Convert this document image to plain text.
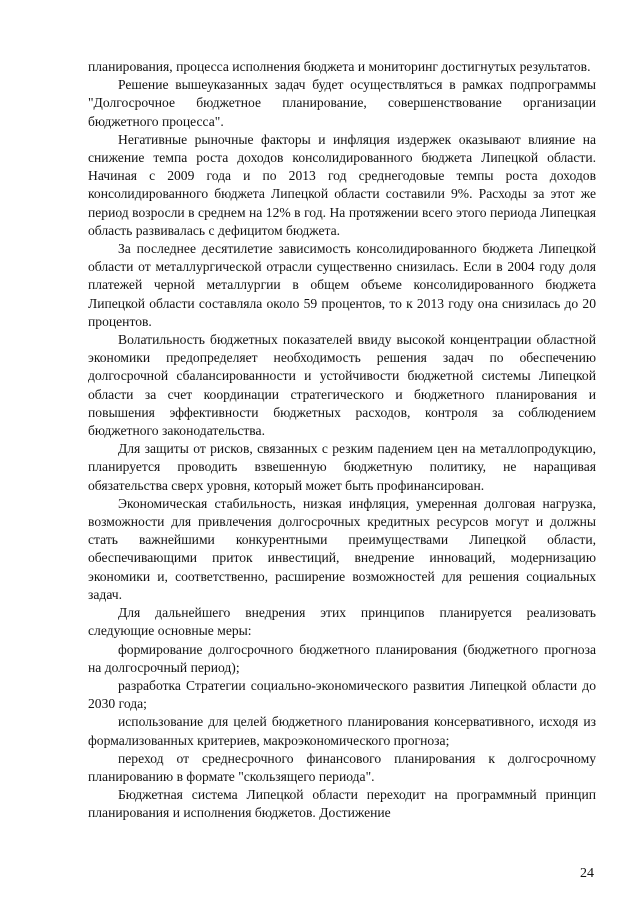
планирования, процесса исполнения бюджета и мониторинг достигнутых результатов.

Решение вышеуказанных задач будет осуществляться в рамках подпрограммы "Долгосрочное бюджетное планирование, совершенствование организации бюджетного процесса".

Негативные рыночные факторы и инфляция издержек оказывают влияние на снижение темпа роста доходов консолидированного бюджета Липецкой области. Начиная с 2009 года и по 2013 год среднегодовые темпы роста доходов консолидированного бюджета Липецкой области составили 9%. Расходы за этот же период возросли в среднем на 12% в год. На протяжении всего этого периода Липецкая область развивалась с дефицитом бюджета.

За последнее десятилетие зависимость консолидированного бюджета Липецкой области от металлургической отрасли существенно снизилась. Если в 2004 году доля платежей черной металлургии в общем объеме консолидированного бюджета Липецкой области составляла около 59 процентов, то к 2013 году она снизилась до 20 процентов.

Волатильность бюджетных показателей ввиду высокой концентрации областной экономики предопределяет необходимость решения задач по обеспечению долгосрочной сбалансированности и устойчивости бюджетной системы Липецкой области за счет координации стратегического и бюджетного планирования и повышения эффективности бюджетных расходов, контроля за соблюдением бюджетного законодательства.

Для защиты от рисков, связанных с резким падением цен на металлопродукцию, планируется проводить взвешенную бюджетную политику, не наращивая обязательства сверх уровня, который может быть профинансирован.

Экономическая стабильность, низкая инфляция, умеренная долговая нагрузка, возможности для привлечения долгосрочных кредитных ресурсов могут и должны стать важнейшими конкурентными преимуществами Липецкой области, обеспечивающими приток инвестиций, внедрение инноваций, модернизацию экономики и, соответственно, расширение возможностей для решения социальных задач.

Для дальнейшего внедрения этих принципов планируется реализовать следующие основные меры:

формирование долгосрочного бюджетного планирования (бюджетного прогноза на долгосрочный период);

разработка Стратегии социально-экономического развития Липецкой области до 2030 года;

использование для целей бюджетного планирования консервативного, исходя из формализованных критериев, макроэкономического прогноза;

переход от среднесрочного финансового планирования к долгосрочному планированию в формате "скользящего периода".

Бюджетная система Липецкой области переходит на программный принцип планирования и исполнения бюджетов. Достижение

24
